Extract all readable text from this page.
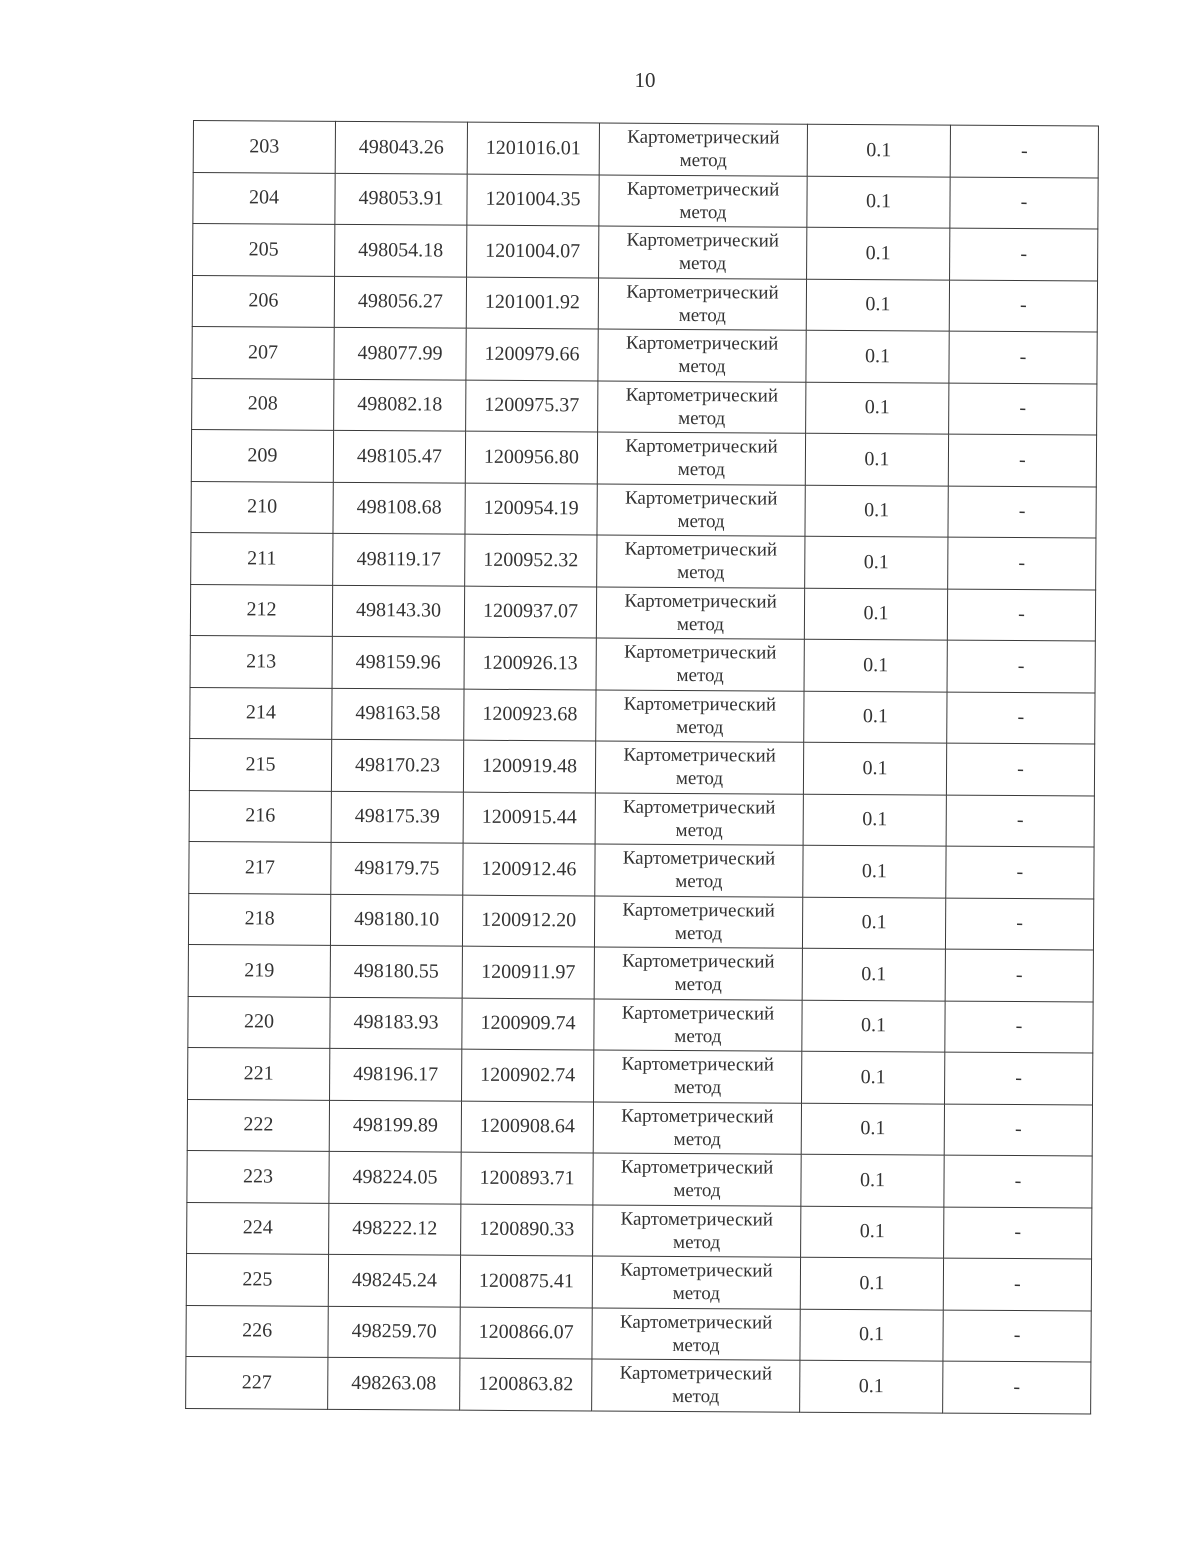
10
203	498043.26	1201016.01	Картометрический
метод	0.1	-
204	498053.91	1201004.35	Картометрический
метод	0.1	-
205	498054.18	1201004.07	Картометрический
метод	0.1	-
206	498056.27	1201001.92	Картометрический
метод	0.1	-
207	498077.99	1200979.66	Картометрический
метод	0.1	-
208	498082.18	1200975.37	Картометрический
метод	0.1	-
209	498105.47	1200956.80	Картометрический
метод	0.1	-
210	498108.68	1200954.19	Картометрический
метод	0.1	-
211	498119.17	1200952.32	Картометрический
метод	0.1	-
212	498143.30	1200937.07	Картометрический
метод	0.1	-
213	498159.96	1200926.13	Картометрический
метод	0.1	-
214	498163.58	1200923.68	Картометрический
метод	0.1	-
215	498170.23	1200919.48	Картометрический
метод	0.1	-
216	498175.39	1200915.44	Картометрический
метод	0.1	-
217	498179.75	1200912.46	Картометрический
метод	0.1	-
218	498180.10	1200912.20	Картометрический
метод	0.1	-
219	498180.55	1200911.97	Картометрический
метод	0.1	-
220	498183.93	1200909.74	Картометрический
метод	0.1	-
221	498196.17	1200902.74	Картометрический
метод	0.1	-
222	498199.89	1200908.64	Картометрический
метод	0.1	-
223	498224.05	1200893.71	Картометрический
метод	0.1	-
224	498222.12	1200890.33	Картометрический
метод	0.1	-
225	498245.24	1200875.41	Картометрический
метод	0.1	-
226	498259.70	1200866.07	Картометрический
метод	0.1	-
227	498263.08	1200863.82	Картометрический
метод	0.1	-
